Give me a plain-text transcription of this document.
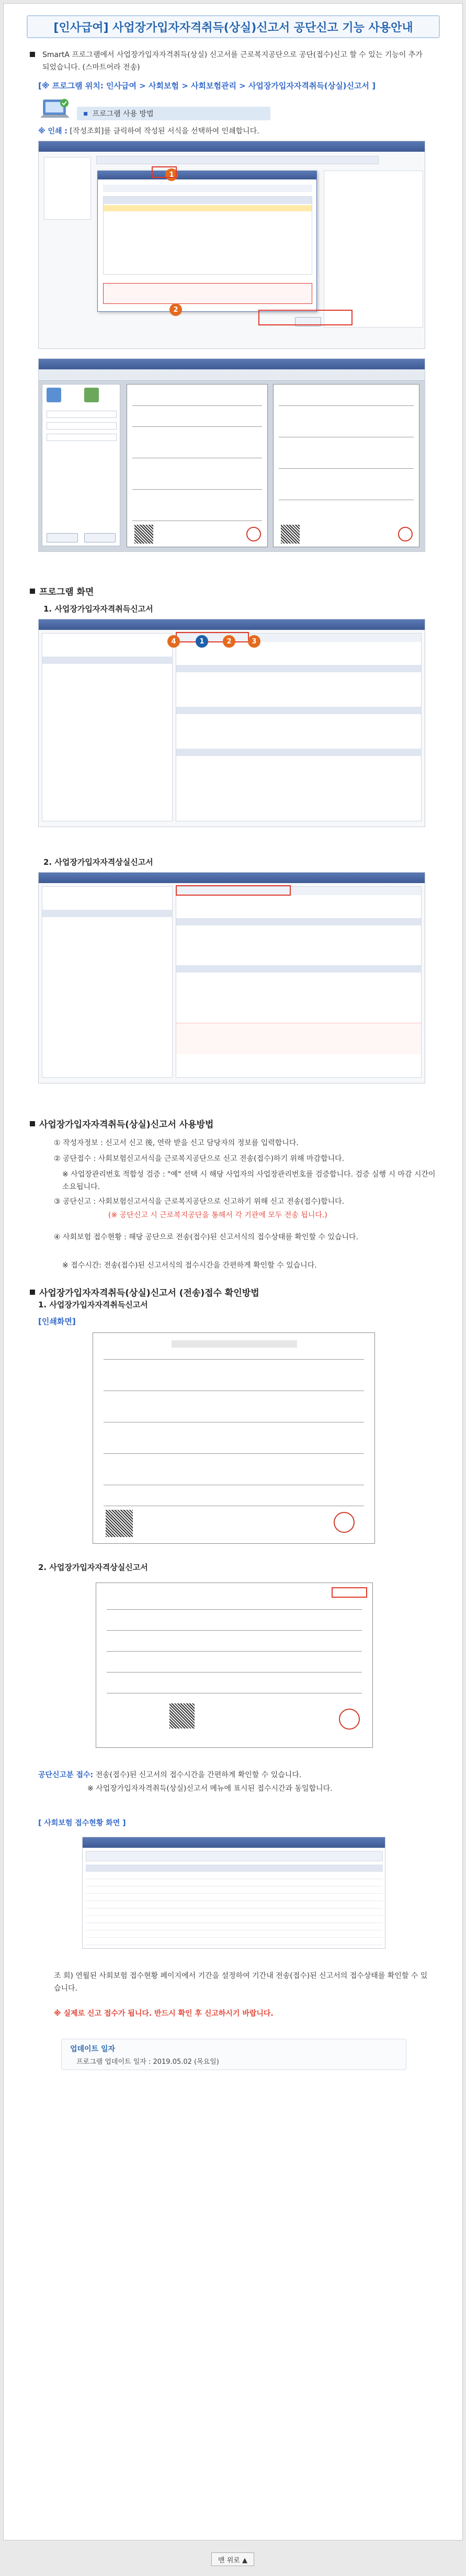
[인사급여] 사업장가입자자격취득(상실)신고서 공단신고 기능 사용안내
SmartA 프로그램에서 사업장가입자자격취득(상실) 신고서를 근로복지공단으로 공단(접수)신고 할 수 있는 기능이 추가되었습니다. (스마트어라 전송)
[※ 프로그램 위치: 인사급여 > 사회보험 > 사회보험관리 > 사업장가입자자격취득(상실)신고서 ]
▪ 프로그램 사용 방법
※ 인쇄 : [작성조회]를 클릭하여 작성된 서식을 선택하여 인쇄합니다.
1
2
프로그램 화면
1. 사업장가입자자격취득신고서
4	1	2	3
2. 사업장가입자자격상실신고서
사업장가입자자격취득(상실)신고서 사용방법
① 작성자정보 : 신고서 신고 後, 연락 받을 신고 담당자의 정보를 입력합니다.
② 공단접수 : 사회보험신고서식을 근로복지공단으로 신고 전송(접수)하기 위해 마감합니다.
※ 사업장관리번호 적합성 검증 : "예" 선택 시 해당 사업자의 사업장관리번호를 검증합니다. 검증 실행 시 마감 시간이 소요됩니다.
③ 공단신고 : 사회보험신고서식을 근로복지공단으로 신고하기 위해 신고 전송(접수)합니다.
(※ 공단신고 시 근로복지공단을 통해서 각 기관에 모두 전송 됩니다.)
④ 사회보험 접수현황 : 해당 공단으로 전송(접수)된 신고서식의 접수상태를 확인할 수 있습니다.
※ 접수시간: 전송(접수)된 신고서식의 접수시간을 간편하게 확인할 수 있습니다.
사업장가입자자격취득(상실)신고서 (전송)접수 확인방법
1. 사업장가입자자격취득신고서
[인쇄화면]
2. 사업장가입자자격상실신고서
공단신고분 접수: 전송(접수)된 신고서의 접수시간을 간편하게 확인할 수 있습니다.
※ 사업장가입자자격취득(상실)신고서 메뉴에 표시된 접수시간과 동일합니다.
[ 사회보험 접수현황 화면 ]
조 회) 연월된 사회보험 접수현황 페이지에서 기간을 설정하여 기간내 전송(접수)된 신고서의 접수상태를 확인할 수 있습니다.
※ 실제로 신고 접수가 됩니다. 반드시 확인 후 신고하시기 바랍니다.
업데이트 일자
프로그램 업데이트 일자 : 2019.05.02 (목요일)
맨 위로 ▲
